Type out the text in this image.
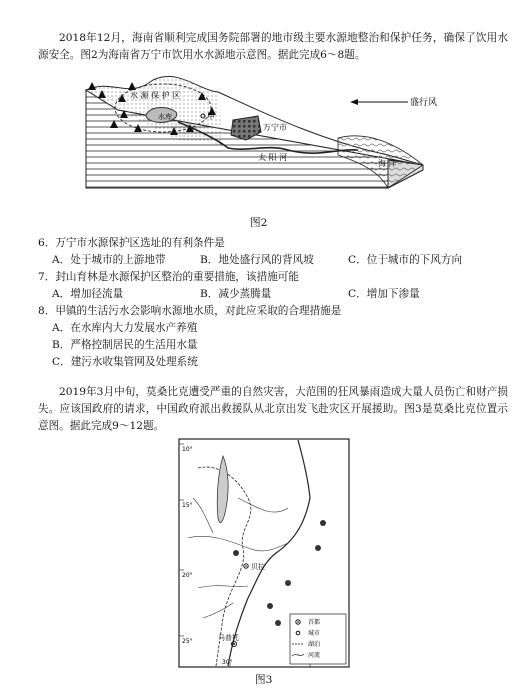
2018年12月，海南省顺利完成国务院部署的地市级主要水源地整治和保护任务，确保了饮用水源安全。图2为海南省万宁市饮用水水源地示意图。据此完成6～8题。
盛行风
水 源 保 护 区
甲
水库
万宁市
太 阳 河
海 洋
图2
6．万宁市水源保护区选址的有利条件是
A．处于城市的上游地带	B．地处盛行风的背风坡	C．位于城市的下风方向
7．封山育林是水源保护区整治的重要措施，该措施可能
A．增加径流量	B．减少蒸腾量	C．增加下渗量
8．甲镇的生活污水会影响水源地水质，对此应采取的合理措施是
A．在水库内大力发展水产养殖
B．严格控制居民的生活用水量
C．建污水收集管网及处理系统
2019年3月中旬，莫桑比克遭受严重的自然灾害，大范围的狂风暴雨造成大量人员伤亡和财产损失。应该国政府的请求，中国政府派出救援队从北京出发飞赴灾区开展援助。图3是莫桑比克位置示意图。据此完成9～12题。
10°
15°
20°
25°
30°
贝拉
马普托
首都
城市
湖泊
河流
图3
